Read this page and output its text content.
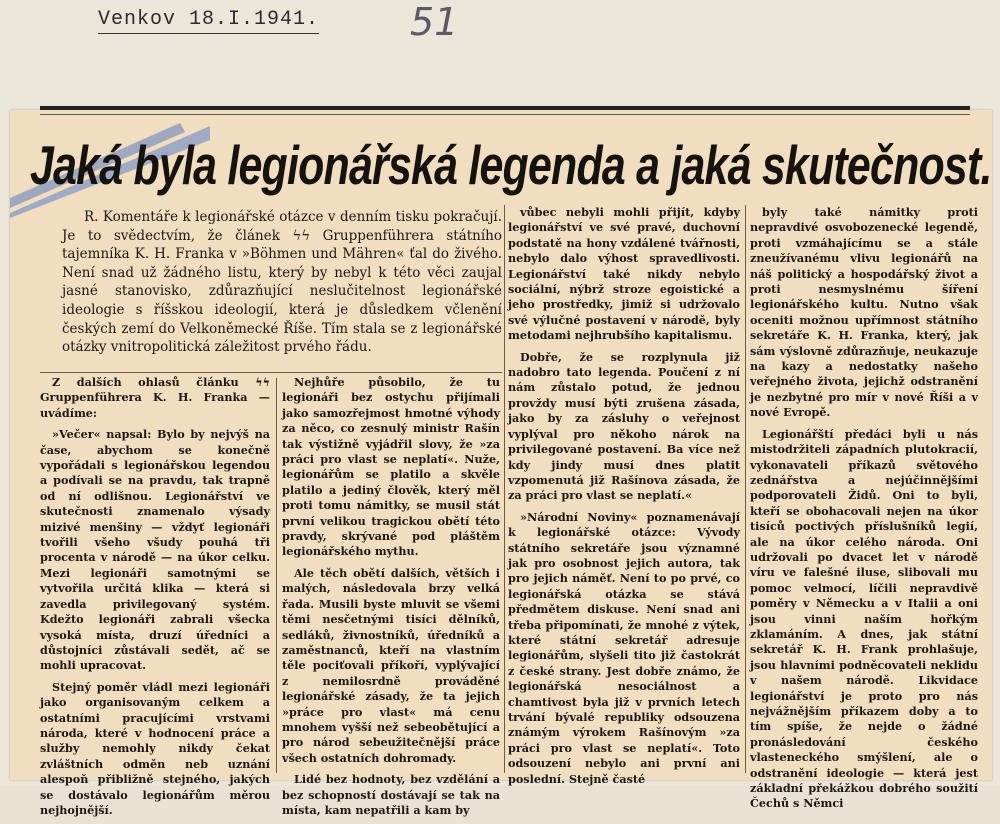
Venkov 18.I.1941. 51
Jaká byla legionářská legenda a jaká skutečnost.

R. Komentáře k legionářské otázce v denním tisku pokračují. Je to svědectvím, že článek ϟϟ Gruppenführera státního tajemníka K. H. Franka v »Böhmen und Mähren« ťal do živého. Není snad už žádného listu, který by nebyl k této věci zaujal jasné stanovisko, zdůrazňující neslučitelnost legionářské ideologie s říšskou ideologií, která je důsledkem včlenění českých zemí do Velkoněmecké Říše. Tím stala se z legionářské otázky vnitropolitická záležitost prvého řádu.

Z dalších ohlasů článku ϟϟ Gruppenführera K. H. Franka — uvádíme:

»Večer« napsal: Bylo by nejvýš na čase, abychom se konečně vypořádali s legionářskou legendou a podívali se na pravdu, tak trapně od ní odlišnou. Legionářství ve skutečnosti znamenalo výsady mizivé menšiny — vždyť legionáři tvořili všeho všudy pouhá tři procenta v národě — na úkor celku. Mezi legionáři samotnými se vytvořila určitá klika — která si zavedla privilegovaný systém. Kdežto legionáři zabrali všecka vysoká místa, druzí úředníci a důstojníci zůstávali sedět, ač se mohli upracovat.

Stejný poměr vládl mezi legionáři jako organisovaným celkem a ostatními pracujícími vrstvami národa, které v hodnocení práce a služby nemohly nikdy čekat zvláštních odměn neb uznání alespoň přibližně stejného, jakých se dostávalo legionářům měrou nejhojnější.

Nejhůře působilo, že tu legionáři bez ostychu přijímali jako samozřejmost hmotné výhody za něco, co zesnulý ministr Rašín tak výstižně vyjádřil slovy, že »za práci pro vlast se neplatí«. Nuže, legionářům se platilo a skvěle platilo a jediný člověk, který měl proti tomu námitky, se musil stát první velikou tragickou obětí této pravdy, skrývané pod pláštěm legionářského mythu.

Ale těch obětí dalších, větších i malých, následovala brzy velká řada. Musili byste mluvit se všemi těmi nesčetnými tisíci dělníků, sedláků, živnostníků, úředníků a zaměstnanců, kteří na vlastním těle pociťovali příkoří, vyplývající z nemilosrdně prováděné legionářské zásady, že ta jejich »práce pro vlast« má cenu mnohem vyšší než sebeobětující a pro národ sebeužitečnější práce všech ostatních dohromady.

Lidé bez hodnoty, bez vzdělání a bez schopností dostávají se tak na místa, kam nepatřili a kam by

vůbec nebyli mohli přijít, kdyby legionářství ve své pravé, duchovní podstatě na hony vzdálené tvářnosti, nebylo dalo výhost spravedlivosti. Legionářství také nikdy nebylo sociální, nýbrž stroze egoistické a jeho prostředky, jimiž si udržovalo své výlučné postavení v národě, byly metodami nejhrubšího kapitalismu.

Dobře, že se rozplynula již nadobro tato legenda. Poučení z ní nám zůstalo potud, že jednou provždy musí býti zrušena zásada, jako by za zásluhy o veřejnost vyplýval pro někoho nárok na privilegované postavení. Ba více než kdy jindy musí dnes platit vzpomenutá již Rašínova zásada, že za práci pro vlast se neplatí.«

»Národní Noviny« poznamenávají k legionářské otázce: Vývody státního sekretáře jsou významné jak pro osobnost jejich autora, tak pro jejich náměť. Není to po prvé, co legionářská otázka se stává předmětem diskuse. Není snad ani třeba připomínati, že mnohé z výtek, které státní sekretář adresuje legionářům, slyšeli tito již častokrát z české strany. Jest dobře známo, že legionářská nesociálnost a chamtivost byla již v prvních letech trvání bývalé republiky odsouzena známým výrokem Rašínovým »za práci pro vlast se neplatí«. Toto odsouzení nebylo ani první ani poslední. Stejně časté

byly také námitky proti nepravdivé osvobozenecké legendě, proti vzmáhajícímu se a stále zneužívanému vlivu legionářů na náš politický a hospodářský život a proti nesmyslnému šíření legionářského kultu. Nutno však oceniti možnou upřímnost státního sekretáře K. H. Franka, který, jak sám výslovně zdůrazňuje, neukazuje na kazy a nedostatky našeho veřejného života, jejichž odstranění je nezbytné pro mír v nové Říši a v nové Evropě.

Legionářští předáci byli u nás mistodržiteli západních plutokracií, vykonavateli příkazů světového zednářstva a nejúčinnějšími podporovateli Židů. Oni to byli, kteří se obohacovali nejen na úkor tisíců poctivých příslušníků legií, ale na úkor celého národa. Oni udržovali po dvacet let v národě víru ve falešné iluse, slibovali mu pomoc velmocí, líčili nepravdivě poměry v Německu a v Italii a oni jsou vinni naším hořkým zklamáním. A dnes, jak státní sekretář K. H. Frank prohlašuje, jsou hlavními podněcovateli neklidu v našem národě. Likvidace legionářství je proto pro nás nejvážnějším příkazem doby a to tím spíše, že nejde o žádné pronásledování českého vlasteneckého smýšlení, ale o odstranění ideologie — která jest základní překážkou dobrého soužití Čechů s Němci
